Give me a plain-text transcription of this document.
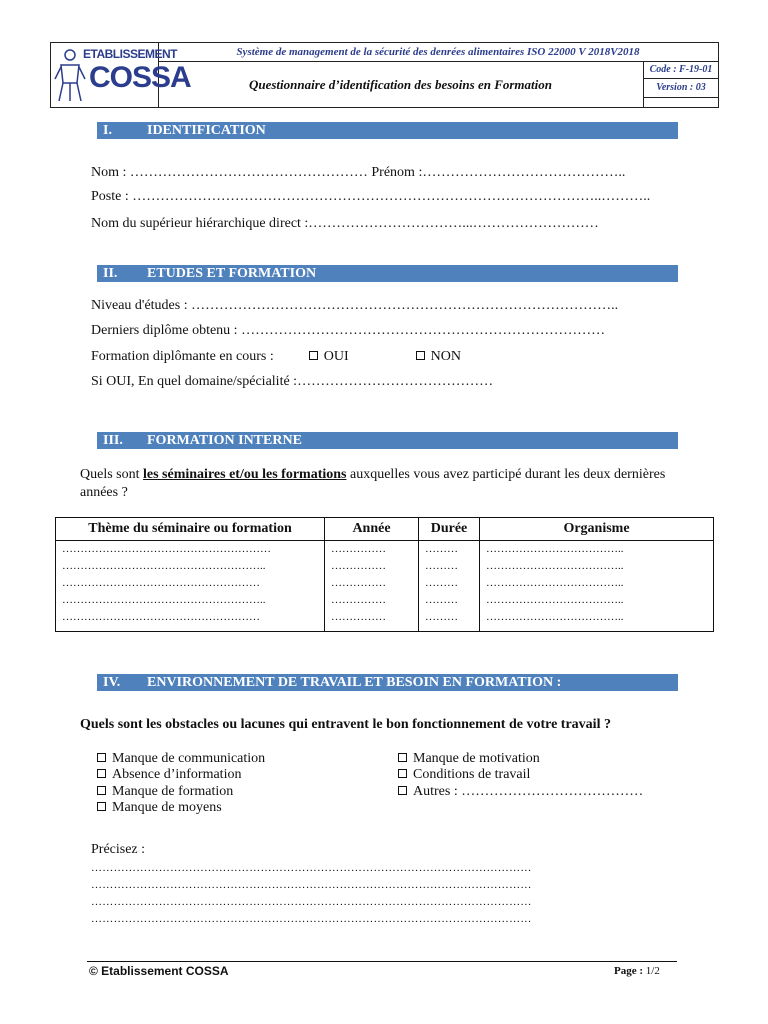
ETABLISSEMENT
COSSA
Système de management de la sécurité des denrées alimentaires ISO 22000 V 2018V2018
Questionnaire d’identification des besoins en Formation
Code : F-19-01
Version : 03
I.	IDENTIFICATION
Nom : …………………………………………… Prénom :……………………………………..
Poste : ………………………………………………………………………………………..………..
Nom du supérieur hiérarchique direct :……………………………...………………………
II. ETUDES ET FORMATION
Niveau d'études : ………………………………………………………………………………..
Derniers diplôme obtenu : ……………………………………………………………………
Formation diplômante en cours :	OUI	NON
Si OUI, En quel domaine/spécialité :……………………………………
III. FORMATION INTERNE
Quels sont les séminaires et/ou les formations auxquelles vous avez participé durant les deux dernières années ?
Thème du séminaire ou formation	Année	Durée	Organisme
…………………………………………………	……………	………	………………………………..
………………………………………………..	……………	………	………………………………..
………………………………………………	……………	………	………………………………..
………………………………………………..	……………	………	………………………………..
………………………………………………	……………	………	………………………………..
IV. ENVIRONNEMENT DE TRAVAIL ET BESOIN EN FORMATION :
Quels sont les obstacles ou lacunes qui entravent le bon fonctionnement de votre travail ?
Manque de communication
Absence d’information
Manque de formation
Manque de moyens
Manque de motivation
Conditions de travail
Autres : …………………………………
Précisez :
………………………………………………………………………………………………………
………………………………………………………………………………………………………
………………………………………………………………………………………………………
………………………………………………………………………………………………………
© Etablissement COSSA	Page : 1/2
